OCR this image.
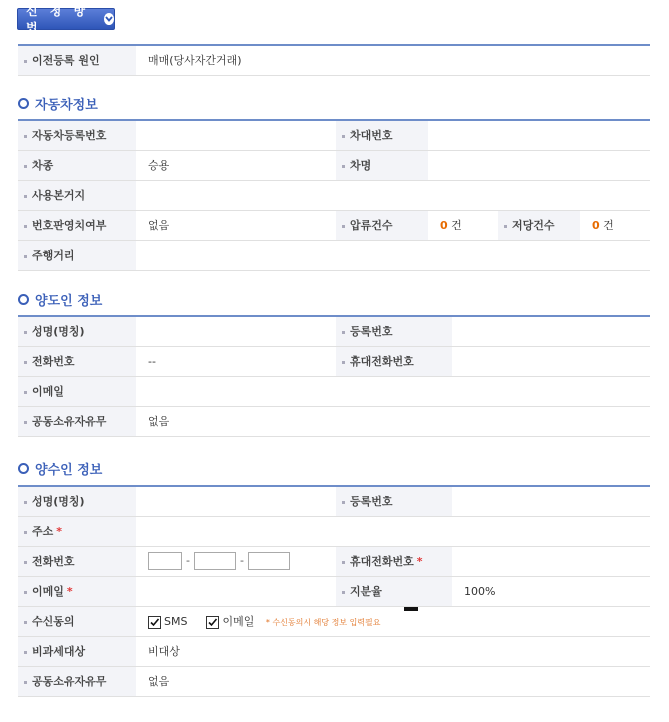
신 청 방 법
이전등록 원인	매매(당사자간거래)
자동차정보
자동차등록번호		차대번호			
차종	승용	차명			
사용본거지					
번호판영치여부	없음	압류건수	0 건	저당건수	0 건
주행거리					
양도인 정보
성명(명칭)		등록번호	
전화번호	--	휴대전화번호	
이메일			
공동소유자유무	없음		
양수인 정보
성명(명칭)		등록번호	
주소 *			
전화번호	- -	휴대전화번호 *	
이메일 *		지분율	100%
수신동의	SMS 이메일 * 수신동의시 해당 정보 입력필요		
비과세대상	비대상		
공동소유자유무	없음		
